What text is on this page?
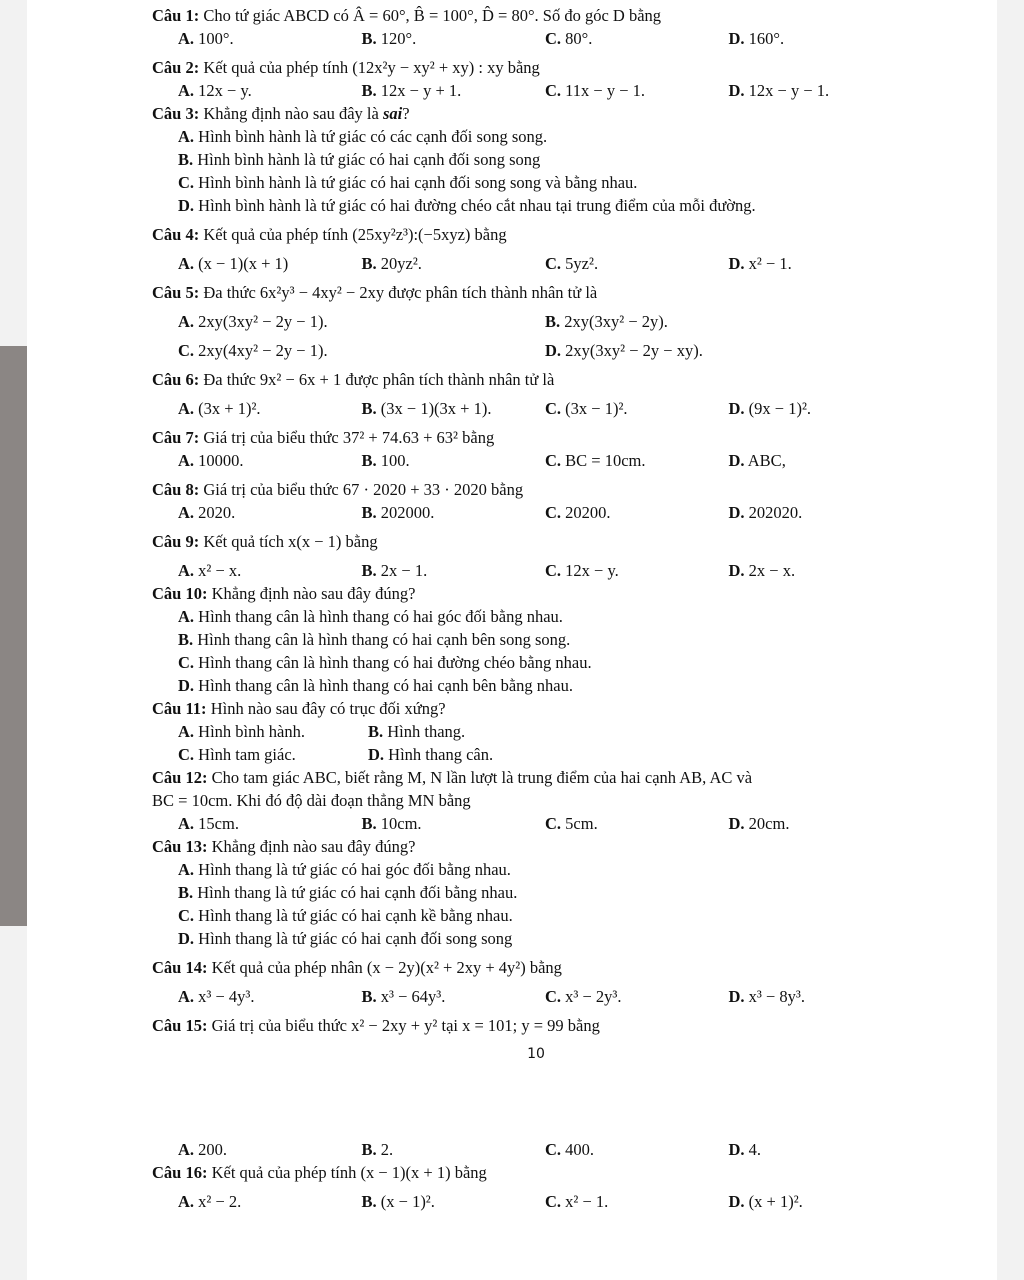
Câu 1: Cho tứ giác ABCD có Â = 60°, B̂ = 100°, D̂ = 80°. Số đo góc D bằng
A. 100°.	B. 120°.	C. 80°.	D. 160°.
Câu 2: Kết quả của phép tính (12x²y − xy² + xy) : xy bằng
A. 12x − y.	B. 12x − y + 1.	C. 11x − y − 1.	D. 12x − y − 1.
Câu 3: Khẳng định nào sau đây là sai?
A. Hình bình hành là tứ giác có các cạnh đối song song.
B. Hình bình hành là tứ giác có hai cạnh đối song song
C. Hình bình hành là tứ giác có hai cạnh đối song song và bằng nhau.
D. Hình bình hành là tứ giác có hai đường chéo cắt nhau tại trung điểm của mỗi đường.
Câu 4: Kết quả của phép tính (25xy²z³):(−5xyz) bằng
A. (x − 1)(x + 1)	B. 20yz².	C. 5yz².	D. x² − 1.
Câu 5: Đa thức 6x²y³ − 4xy² − 2xy được phân tích thành nhân tử là
A. 2xy(3xy² − 2y − 1).	B. 2xy(3xy² − 2y).
C. 2xy(4xy² − 2y − 1).	D. 2xy(3xy² − 2y − xy).
Câu 6: Đa thức 9x² − 6x + 1 được phân tích thành nhân tử là
A. (3x + 1)².	B. (3x − 1)(3x + 1).	C. (3x − 1)².	D. (9x − 1)².
Câu 7: Giá trị của biểu thức 37² + 74.63 + 63² bằng
A. 10000.	B. 100.	C. BC = 10cm.	D. ABC,
Câu 8: Giá trị của biểu thức 67 · 2020 + 33 · 2020 bằng
A. 2020.	B. 202000.	C. 20200.	D. 202020.
Câu 9: Kết quả tích x(x − 1) bằng
A. x² − x.	B. 2x − 1.	C. 12x − y.	D. 2x − x.
Câu 10: Khẳng định nào sau đây đúng?
A. Hình thang cân là hình thang có hai góc đối bằng nhau.
B. Hình thang cân là hình thang có hai cạnh bên song song.
C. Hình thang cân là hình thang có hai đường chéo bằng nhau.
D. Hình thang cân là hình thang có hai cạnh bên bằng nhau.
Câu 11: Hình nào sau đây có trục đối xứng?
A. Hình bình hành.	B. Hình thang.
C. Hình tam giác.	D. Hình thang cân.
Câu 12: Cho tam giác ABC, biết rằng M, N lần lượt là trung điểm của hai cạnh AB, AC và
BC = 10cm. Khi đó độ dài đoạn thẳng MN bằng
A. 15cm.	B. 10cm.	C. 5cm.	D. 20cm.
Câu 13: Khẳng định nào sau đây đúng?
A. Hình thang là tứ giác có hai góc đối bằng nhau.
B. Hình thang là tứ giác có hai cạnh đối bằng nhau.
C. Hình thang là tứ giác có hai cạnh kề bằng nhau.
D. Hình thang là tứ giác có hai cạnh đối song song
Câu 14: Kết quả của phép nhân (x − 2y)(x² + 2xy + 4y²) bằng
A. x³ − 4y³.	B. x³ − 64y³.	C. x³ − 2y³.	D. x³ − 8y³.
Câu 15: Giá trị của biểu thức x² − 2xy + y² tại x = 101; y = 99 bằng
10
A. 200.	B. 2.	C. 400.	D. 4.
Câu 16: Kết quả của phép tính (x − 1)(x + 1) bằng
A. x² − 2.	B. (x − 1)².	C. x² − 1.	D. (x + 1)².
